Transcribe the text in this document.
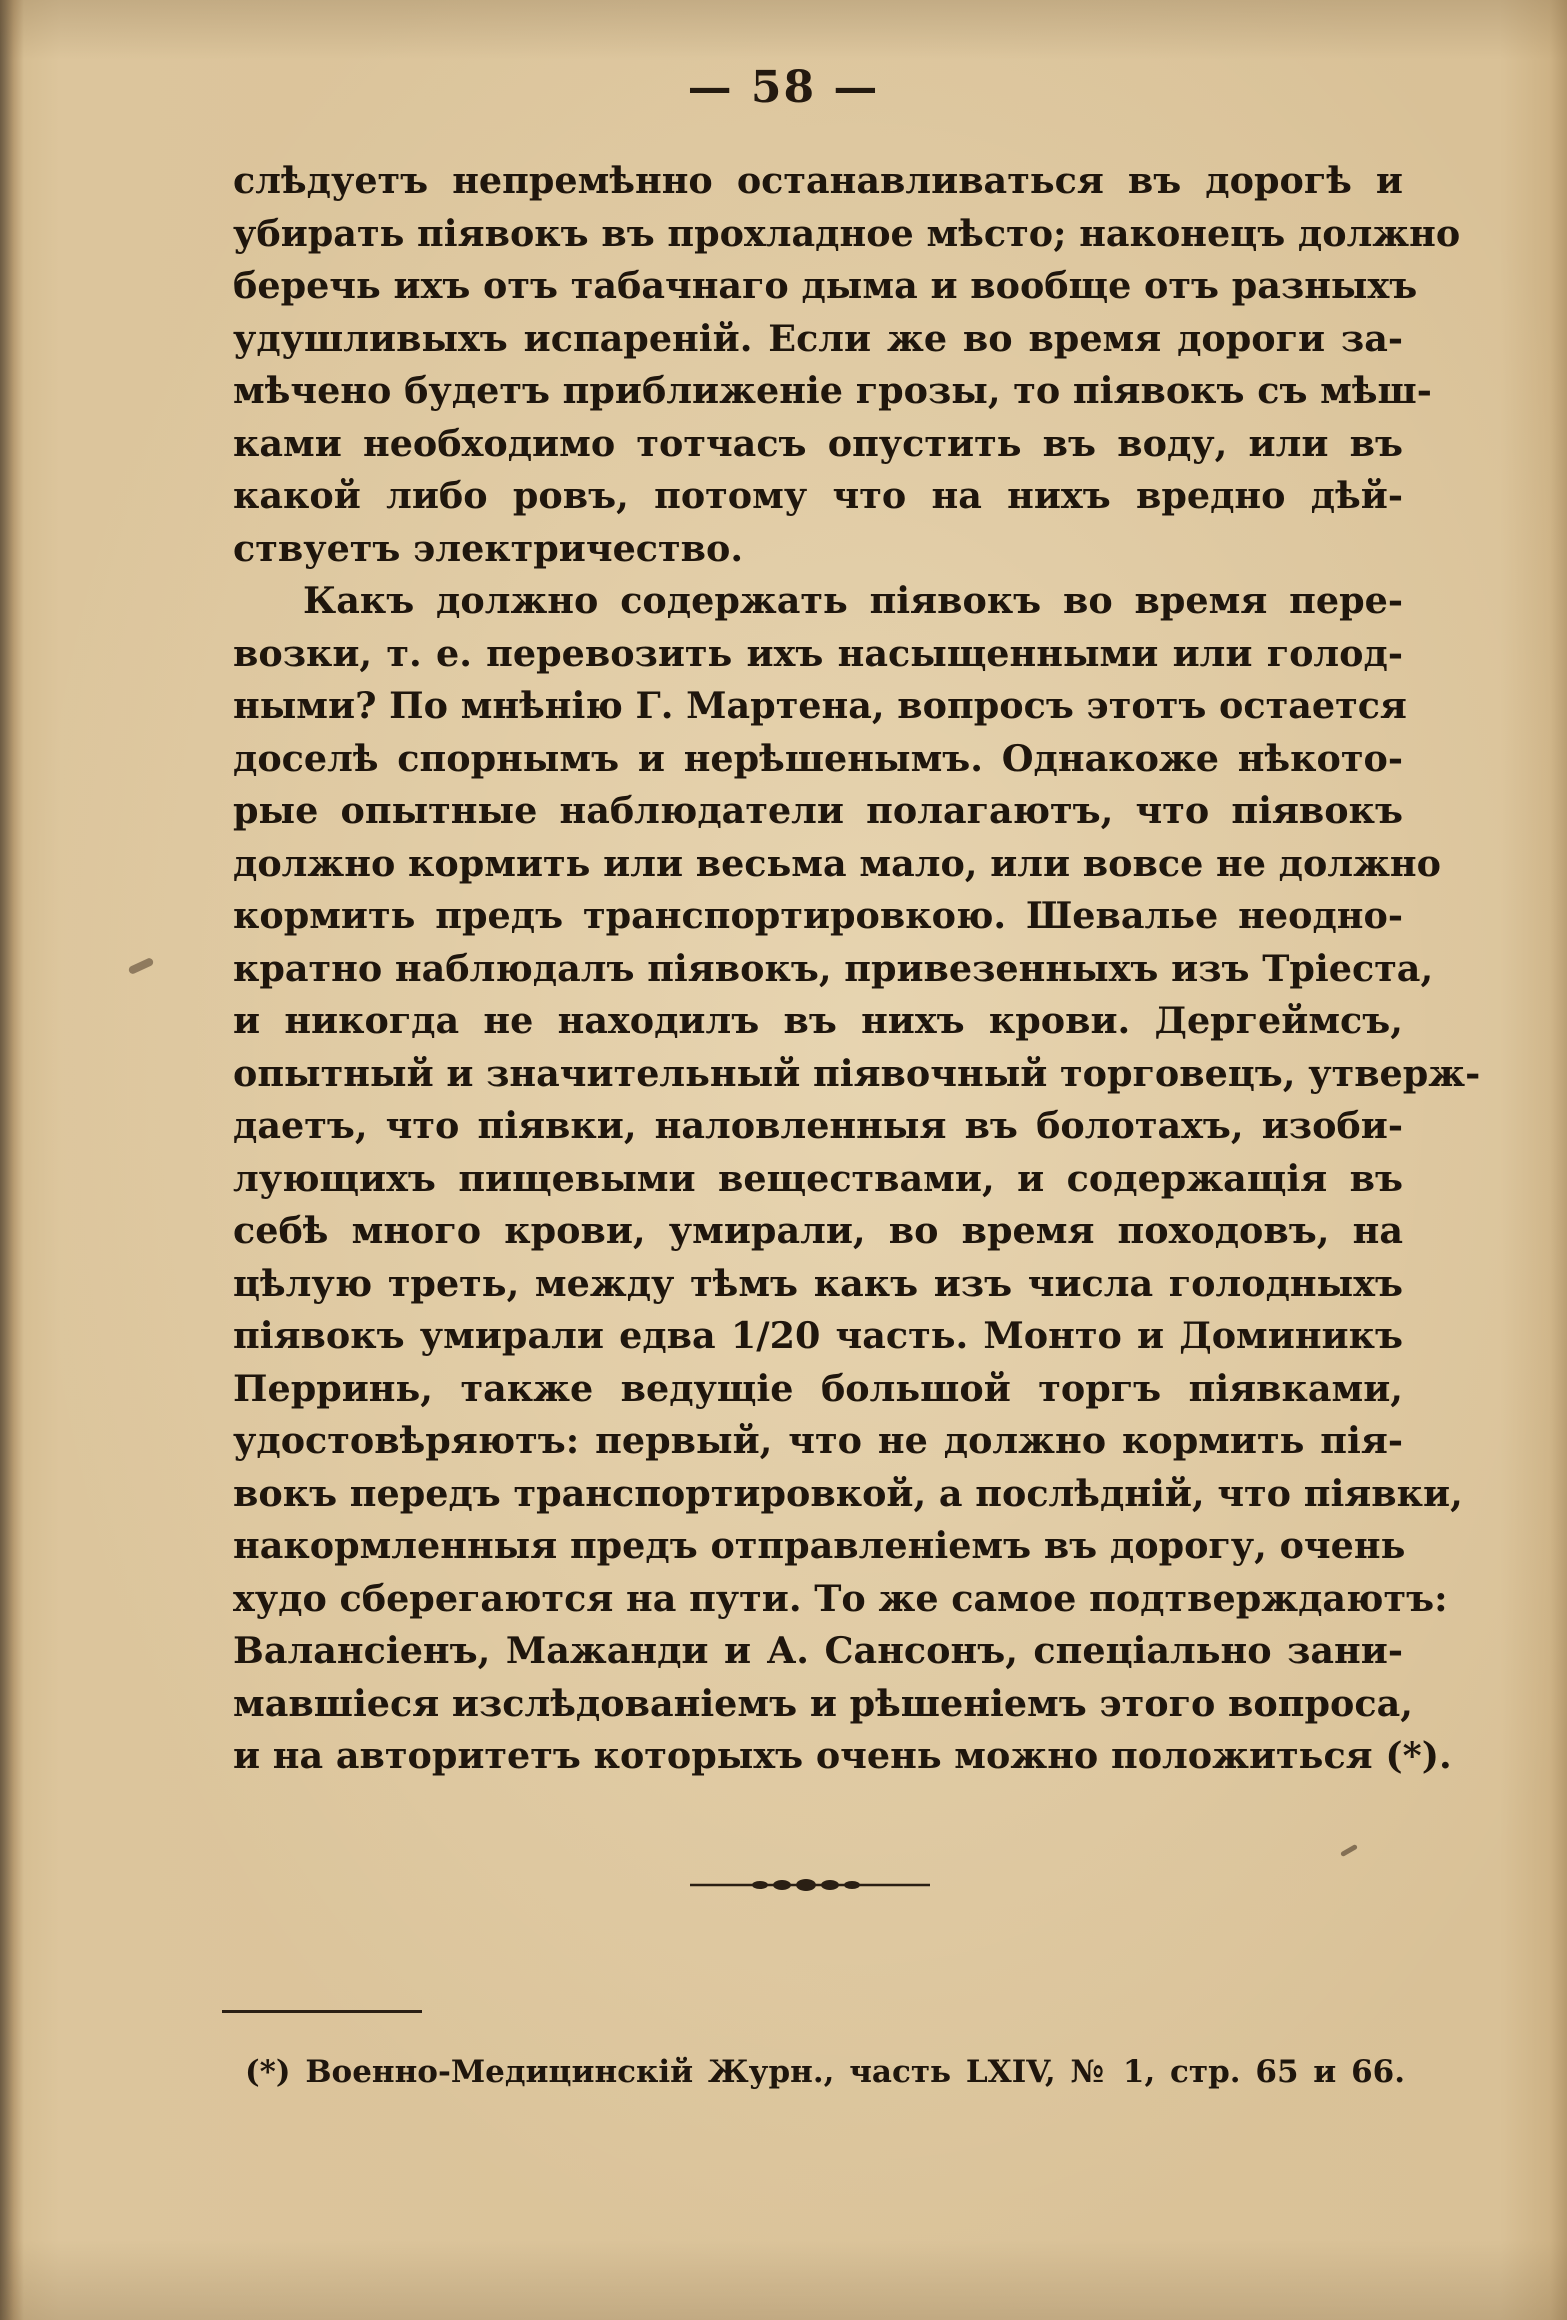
— 58 —
слѣдуетъ непремѣнно останавливаться въ дорогѣ и
убирать піявокъ въ прохладное мѣсто; наконецъ должно
беречь ихъ отъ табачнаго дыма и вообще отъ разныхъ
удушливыхъ испареній. Если же во время дороги за-
мѣчено будетъ приближеніе грозы, то піявокъ съ мѣш-
ками необходимо тотчасъ опустить въ воду, или въ
какой либо ровъ, потому что на нихъ вредно дѣй-
ствуетъ электричество.
Какъ должно содержать піявокъ во время пере-
возки, т. е. перевозить ихъ насыщенными или голод-
ными? По мнѣнію Г. Мартена, вопросъ этотъ остается
доселѣ спорнымъ и нерѣшенымъ. Однакоже нѣкото-
рые опытные наблюдатели полагаютъ, что піявокъ
должно кормить или весьма мало, или вовсе не должно
кормить предъ транспортировкою. Шевалье неодно-
кратно наблюдалъ піявокъ, привезенныхъ изъ Тріеста,
и никогда не находилъ въ нихъ крови. Дергеймсъ,
опытный и значительный піявочный торговецъ, утверж-
даетъ, что піявки, наловленныя въ болотахъ, изоби-
лующихъ пищевыми веществами, и содержащія въ
себѣ много крови, умирали, во время походовъ, на
цѣлую треть, между тѣмъ какъ изъ числа голодныхъ
піявокъ умирали едва 1/20 часть. Монто и Доминикъ
Перринь, также ведущіе большой торгъ піявками,
удостовѣряютъ: первый, что не должно кормить пія-
вокъ передъ транспортировкой, а послѣдній, что піявки,
накормленныя предъ отправленіемъ въ дорогу, очень
худо сберегаются на пути. То же самое подтверждаютъ:
Валансіенъ, Мажанди и А. Сансонъ, спеціально зани-
мавшіеся изслѣдованіемъ и рѣшеніемъ этого вопроса,
и на авторитетъ которыхъ очень можно положиться (*).
(*) Военно-Медицинскій Журн., часть LXIV, № 1, стр. 65 и 66.
